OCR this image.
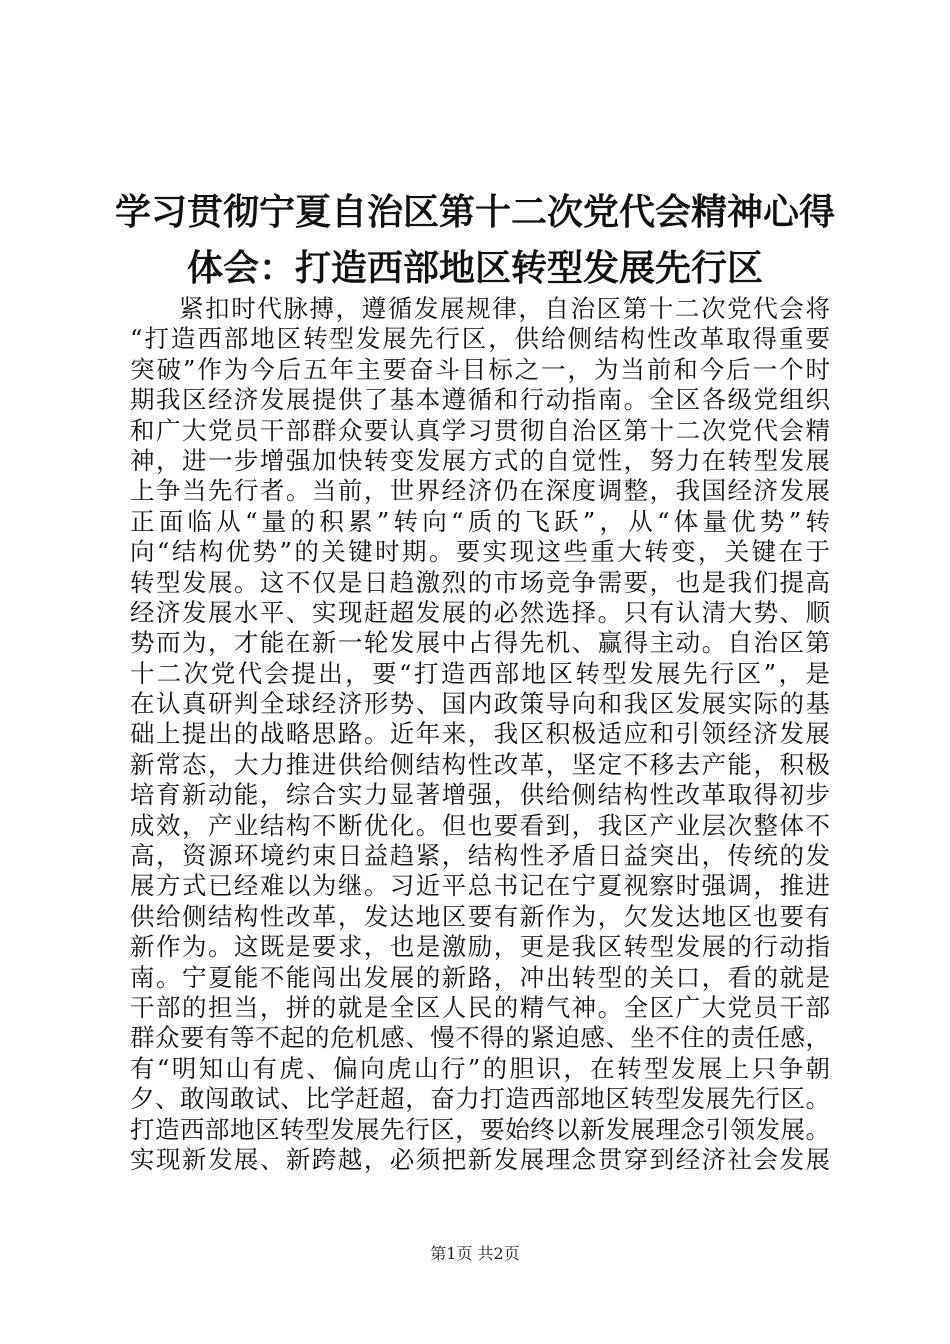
学习贯彻宁夏自治区第十二次党代会精神心得
体会：打造西部地区转型发展先行区
紧扣时代脉搏，遵循发展规律，自治区第十二次党代会将
“打造西部地区转型发展先行区，供给侧结构性改革取得重要
突破”作为今后五年主要奋斗目标之一，为当前和今后一个时
期我区经济发展提供了基本遵循和行动指南。全区各级党组织
和广大党员干部群众要认真学习贯彻自治区第十二次党代会精
神，进一步增强加快转变发展方式的自觉性，努力在转型发展
上争当先行者。当前，世界经济仍在深度调整，我国经济发展
正面临从“量的积累”转向“质的飞跃”，从“体量优势”转
向“结构优势”的关键时期。要实现这些重大转变，关键在于
转型发展。这不仅是日趋激烈的市场竞争需要，也是我们提高
经济发展水平、实现赶超发展的必然选择。只有认清大势、顺
势而为，才能在新一轮发展中占得先机、赢得主动。自治区第
十二次党代会提出，要“打造西部地区转型发展先行区”，是
在认真研判全球经济形势、国内政策导向和我区发展实际的基
础上提出的战略思路。近年来，我区积极适应和引领经济发展
新常态，大力推进供给侧结构性改革，坚定不移去产能，积极
培育新动能，综合实力显著增强，供给侧结构性改革取得初步
成效，产业结构不断优化。但也要看到，我区产业层次整体不
高，资源环境约束日益趋紧，结构性矛盾日益突出，传统的发
展方式已经难以为继。习近平总书记在宁夏视察时强调，推进
供给侧结构性改革，发达地区要有新作为，欠发达地区也要有
新作为。这既是要求，也是激励，更是我区转型发展的行动指
南。宁夏能不能闯出发展的新路，冲出转型的关口，看的就是
干部的担当，拼的就是全区人民的精气神。全区广大党员干部
群众要有等不起的危机感、慢不得的紧迫感、坐不住的责任感，
有“明知山有虎、偏向虎山行”的胆识，在转型发展上只争朝
夕、敢闯敢试、比学赶超，奋力打造西部地区转型发展先行区。
打造西部地区转型发展先行区，要始终以新发展理念引领发展。
实现新发展、新跨越，必须把新发展理念贯穿到经济社会发展
第1页 共2页
